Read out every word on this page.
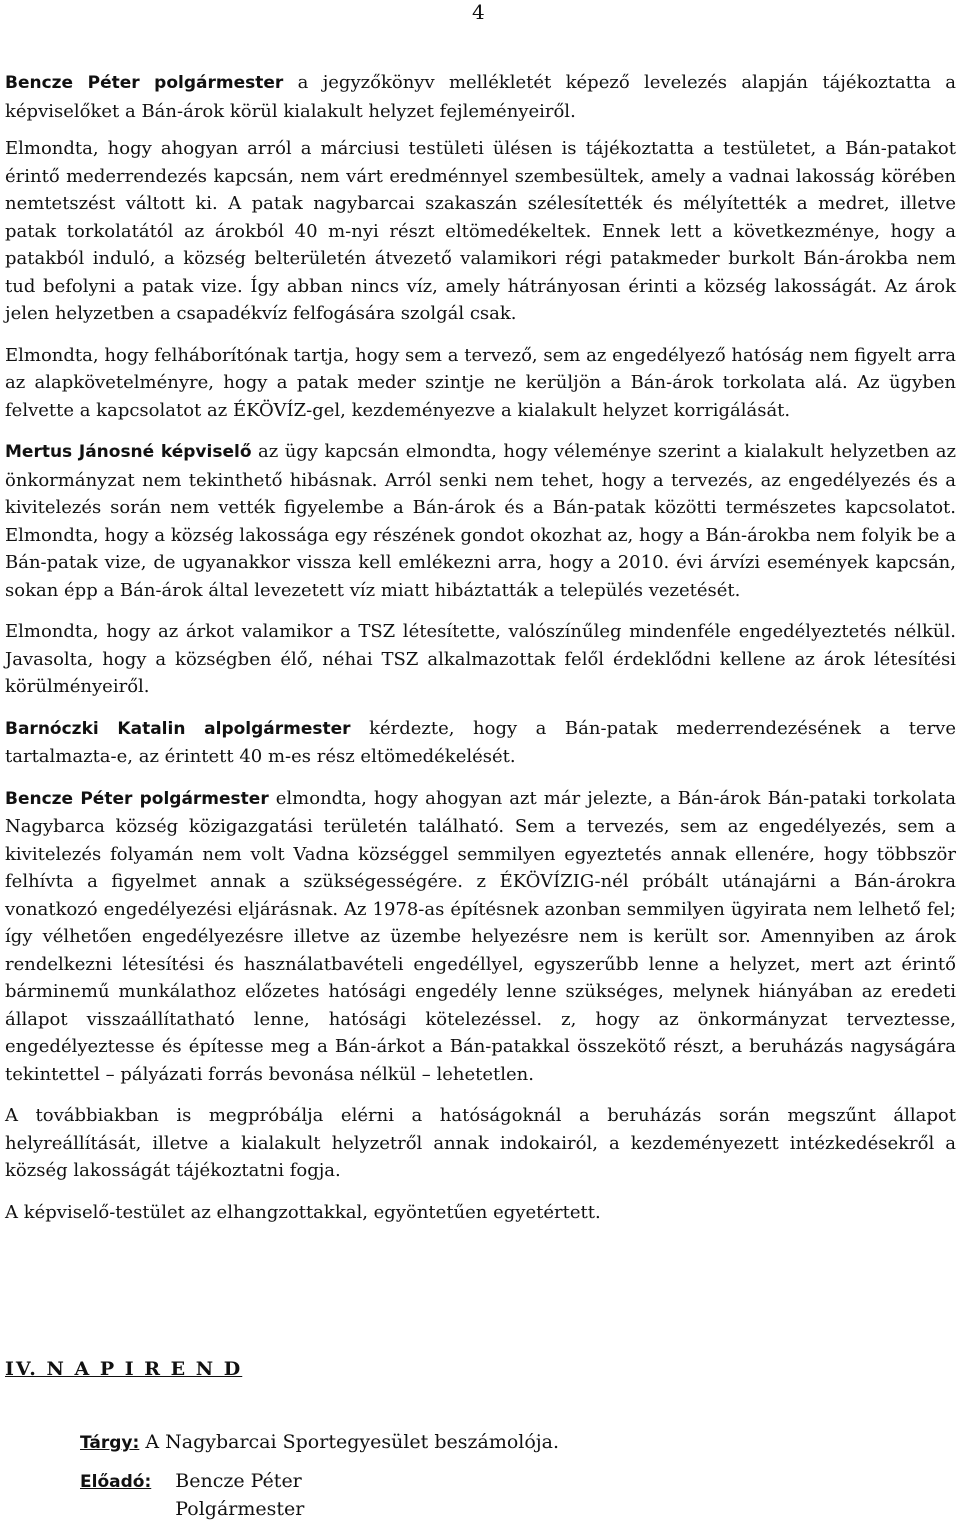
4

Bencze Péter polgármester a jegyzőkönyv mellékletét képező levelezés alapján tájékoztatta a képviselőket a Bán-árok körül kialakult helyzet fejleményeiről.

Elmondta, hogy ahogyan arról a márciusi testületi ülésen is tájékoztatta a testületet, a Bán-patakot érintő mederrendezés kapcsán, nem várt eredménnyel szembesültek, amely a vadnai lakosság körében nemtetszést váltott ki. A patak nagybarcai szakaszán szélesítették és mélyítették a medret, illetve patak torkolatától az árokból 40 m-nyi részt eltömedékeltek. Ennek lett a következménye, hogy a patakból induló, a község belterületén átvezető valamikori régi patakmeder burkolt Bán-árokba nem tud befolyni a patak vize. Így abban nincs víz, amely hátrányosan érinti a község lakosságát. Az árok jelen helyzetben a csapadékvíz felfogására szolgál csak.

Elmondta, hogy felháborítónak tartja, hogy sem a tervező, sem az engedélyező hatóság nem figyelt arra az alapkövetelményre, hogy a patak meder szintje ne kerüljön a Bán-árok torkolata alá. Az ügyben felvette a kapcsolatot az ÉKÖVÍZ-gel, kezdeményezve a kialakult helyzet korrigálását.

Mertus Jánosné képviselő az ügy kapcsán elmondta, hogy véleménye szerint a kialakult helyzetben az önkormányzat nem tekinthető hibásnak. Arról senki nem tehet, hogy a tervezés, az engedélyezés és a kivitelezés során nem vették figyelembe a Bán-árok és a Bán-patak közötti természetes kapcsolatot. Elmondta, hogy a község lakossága egy részének gondot okozhat az, hogy a Bán-árokba nem folyik be a Bán-patak vize, de ugyanakkor vissza kell emlékezni arra, hogy a 2010. évi árvízi események kapcsán, sokan épp a Bán-árok által levezetett víz miatt hibáztatták a település vezetését.

Elmondta, hogy az árkot valamikor a TSZ létesítette, valószínűleg mindenféle engedélyeztetés nélkül. Javasolta, hogy a községben élő, néhai TSZ alkalmazottak felől érdeklődni kellene az árok létesítési körülményeiről.

Barnóczki Katalin alpolgármester kérdezte, hogy a Bán-patak mederrendezésének a terve tartalmazta-e, az érintett 40 m-es rész eltömedékelését.

Bencze Péter polgármester elmondta, hogy ahogyan azt már jelezte, a Bán-árok Bán-pataki torkolata Nagybarca község közigazgatási területén található. Sem a tervezés, sem az engedélyezés, sem a kivitelezés folyamán nem volt Vadna községgel semmilyen egyeztetés annak ellenére, hogy többször felhívta a figyelmet annak a szükségességére. z ÉKÖVÍZIG-nél próbált utánajárni a Bán-árokra vonatkozó engedélyezési eljárásnak. Az 1978-as építésnek azonban semmilyen ügyirata nem lelhető fel; így vélhetően engedélyezésre illetve az üzembe helyezésre nem is került sor. Amennyiben az árok rendelkezni létesítési és használatbavételi engedéllyel, egyszerűbb lenne a helyzet, mert azt érintő bárminemű munkálathoz előzetes hatósági engedély lenne szükséges, melynek hiányában az eredeti állapot visszaállítatható lenne, hatósági kötelezéssel. z, hogy az önkormányzat terveztesse, engedélyeztesse és építesse meg a Bán-árkot a Bán-patakkal összekötő részt, a beruházás nagyságára tekintettel – pályázati forrás bevonása nélkül – lehetetlen.

A továbbiakban is megpróbálja elérni a hatóságoknál a beruházás során megszűnt állapot helyreállítását, illetve a kialakult helyzetről annak indokairól, a kezdeményezett intézkedésekről a község lakosságát tájékoztatni fogja.

A képviselő-testület az elhangzottakkal, egyöntetűen egyetértett.

IV. N A P I R E N D

Tárgy: A Nagybarcai Sportegyesület beszámolója.

Előadó: Bencze Péter
Polgármester
